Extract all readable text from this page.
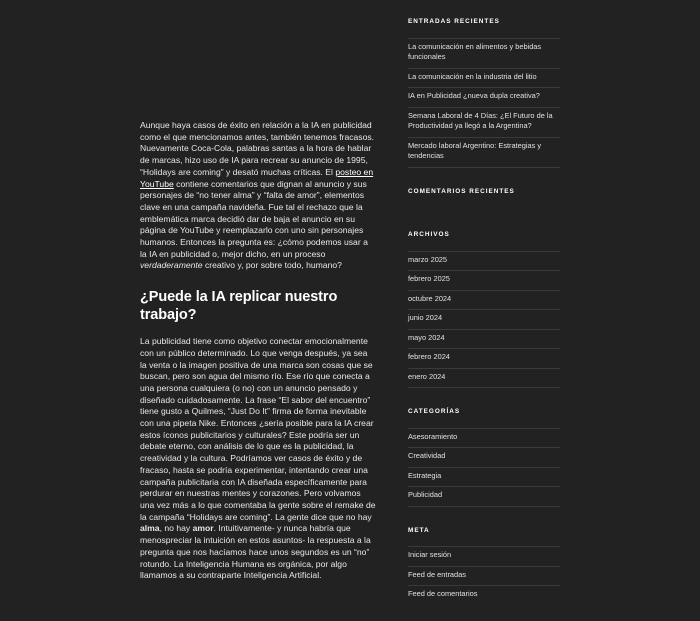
Aunque haya casos de éxito en relación a la IA en publicidad como el que mencionamos antes, también tenemos fracasos. Nuevamente Coca-Cola, palabras santas a la hora de hablar de marcas, hizo uso de IA para recrear su anuncio de 1995, “Holidays are coming” y desató muchas críticas. El posteo en YouTube contiene comentarios que dignan al anuncio y sus personajes de “no tener alma” y “falta de amor”, elementos clave en una campaña navideña. Fue tal el rechazo que la emblemática marca decidió dar de baja el anuncio en su página de YouTube y reemplazarlo con uno sin personajes humanos. Entonces la pregunta es: ¿cómo podemos usar a la IA en publicidad o, mejor dicho, en un proceso verdaderamente creativo y, por sobre todo, humano?

¿Puede la IA replicar nuestro trabajo?

La publicidad tiene como objetivo conectar emocionalmente con un público determinado. Lo que venga después, ya sea la venta o la imagen positiva de una marca son cosas que se buscan, pero son agua del mismo río. Ese río que conecta a una persona cualquiera (o no) con un anuncio pensado y diseñado cuidadosamente. La frase “El sabor del encuentro” tiene gusto a Quilmes, “Just Do It” firma de forma inevitable con una pipeta Nike. Entonces ¿sería posible para la IA crear estos íconos publicitarios y culturales? Este podría ser un debate eterno, con análisis de lo que es la publicidad, la creatividad y la cultura. Podríamos ver casos de éxito y de fracaso, hasta se podría experimentar, intentando crear una campaña publicitaria con IA diseñada específicamente para perdurar en nuestras mentes y corazones. Pero volvamos una vez más a lo que comentaba la gente sobre el remake de la campaña “Holidays are coming”. La gente dice que no hay alma, no hay amor. Intuitivamente- y nunca habría que menospreciar la intuición en estos asuntos- la respuesta a la pregunta que nos hacíamos hace unos segundos es un “no” rotundo. La Inteligencia Humana es orgánica, por algo llamamos a su contraparte Inteligencia Artificial.

ENTRADAS RECIENTES
La comunicación en alimentos y bebidas funcionales
La comunicación en la industria del litio
IA en Publicidad ¿nueva dupla creativa?
Semana Laboral de 4 Días: ¿El Futuro de la Productividad ya llegó a la Argentina?
Mercado laboral Argentino: Estrategias y tendencias
COMENTARIOS RECIENTES
ARCHIVOS
marzo 2025
febrero 2025
octubre 2024
junio 2024
mayo 2024
febrero 2024
enero 2024
CATEGORÍAS
Asesoramiento
Creatividad
Estrategia
Publicidad
META
Iniciar sesión
Feed de entradas
Feed de comentarios
